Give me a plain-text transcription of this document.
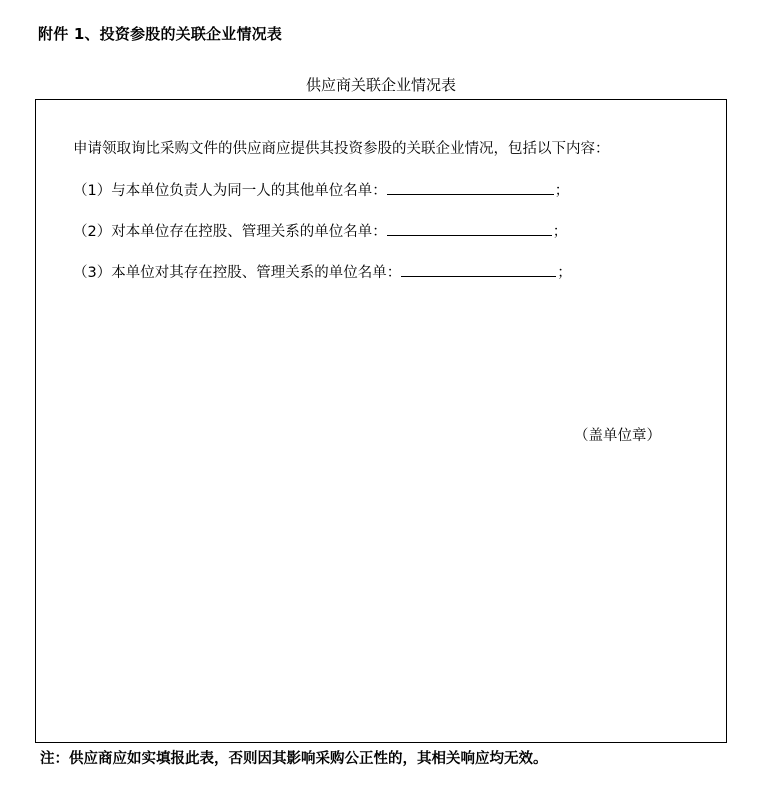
附件 1、投资参股的关联企业情况表
供应商关联企业情况表
申请领取询比采购文件的供应商应提供其投资参股的关联企业情况，包括以下内容：
（1） 与本单位负责人为同一人的其他单位名单：	；
（2） 对本单位存在控股、管理关系的单位名单：	；
（3） 本单位对其存在控股、管理关系的单位名单：	；
（盖单位章）
注：供应商应如实填报此表，否则因其影响采购公正性的，其相关响应均无效。
